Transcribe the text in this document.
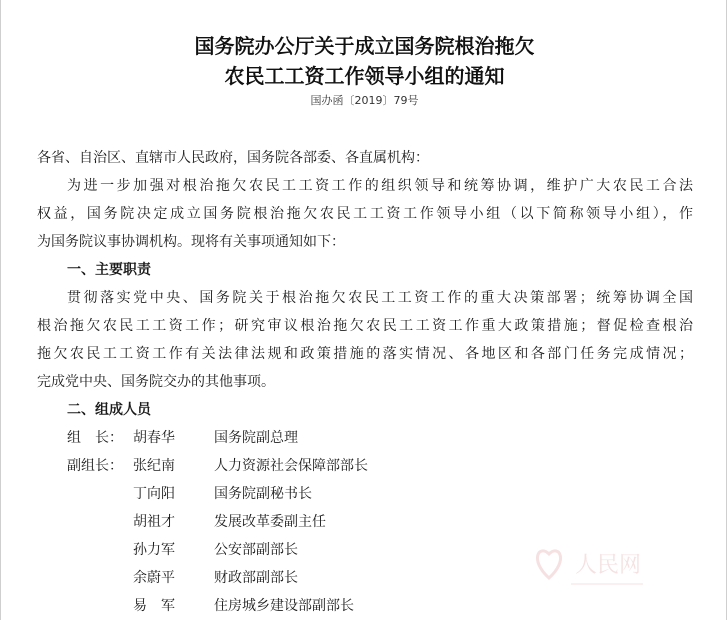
国务院办公厅关于成立国务院根治拖欠
农民工工资工作领导小组的通知
国办函〔2019〕79号
各省、自治区、直辖市人民政府，国务院各部委、各直属机构：
为进一步加强对根治拖欠农民工工资工作的组织领导和统筹协调，维护广大农民工合法
权益，国务院决定成立国务院根治拖欠农民工工资工作领导小组（以下简称领导小组），作
为国务院议事协调机构。现将有关事项通知如下：
一、主要职责
贯彻落实党中央、国务院关于根治拖欠农民工工资工作的重大决策部署；统筹协调全国
根治拖欠农民工工资工作；研究审议根治拖欠农民工工资工作重大政策措施；督促检查根治
拖欠农民工工资工作有关法律法规和政策措施的落实情况、各地区和各部门任务完成情况；
完成党中央、国务院交办的其他事项。
二、组成人员
组　长： 胡春华	国务院副总理
副组长： 张纪南	人力资源社会保障部部长
丁向阳	国务院副秘书长
胡祖才	发展改革委副主任
孙力军	公安部副部长
余蔚平	财政部副部长
易　军	住房城乡建设部副部长
人民网
